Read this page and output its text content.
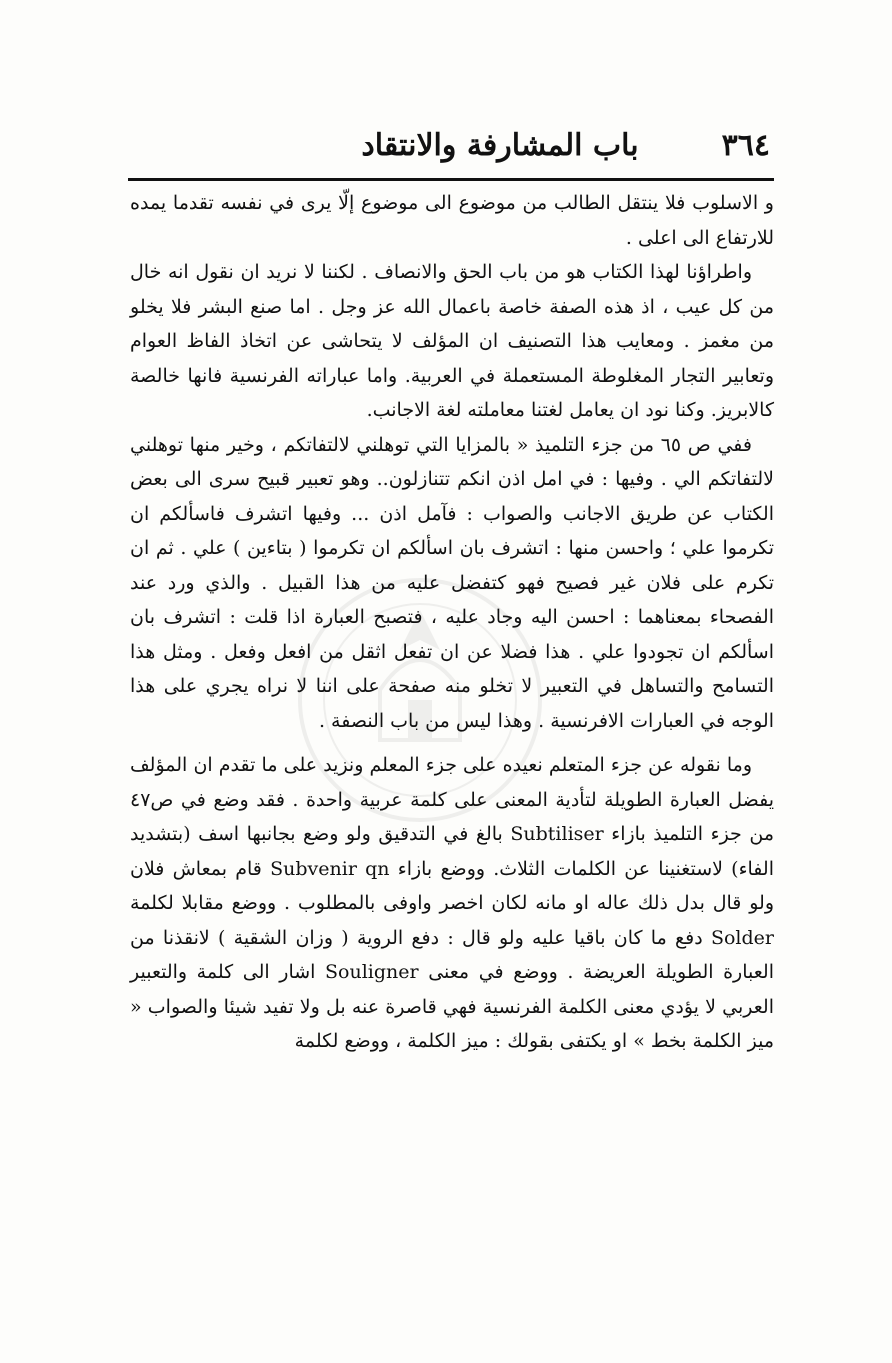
٣٦٤
باب المشارفة والانتقاد

و الاسلوب فلا ينتقل الطالب من موضوع الى موضوع إلّا يرى في نفسه تقدما يمده للارتفاع الى اعلى .

واطراؤنا لهذا الكتاب هو من باب الحق والانصاف . لكننا لا نريد ان نقول انه خال من كل عيب ، اذ هذه الصفة خاصة باعمال الله عز وجل . اما صنع البشر فلا يخلو من مغمز . ومعايب هذا التصنيف ان المؤلف لا يتحاشى عن اتخاذ الفاظ العوام وتعابير التجار المغلوطة المستعملة في العربية. واما عباراته الفرنسية فانها خالصة كالابريز. وكنا نود ان يعامل لغتنا معاملته لغة الاجانب.

ففي ص ٦٥ من جزء التلميذ « بالمزايا التي توهلني لالتفاتكم ، وخير منها توهلني لالتفاتكم الي . وفيها : في امل اذن انكم تتنازلون.. وهو تعبير قبيح سرى الى بعض الكتاب عن طريق الاجانب والصواب : فآمل اذن ... وفيها اتشرف فاسألكم ان تكرموا علي ؛ واحسن منها : اتشرف بان اسألكم ان تكرموا ( بتاءين ) علي . ثم ان تكرم على فلان غير فصيح فهو كتفضل عليه من هذا القبيل . والذي ورد عند الفصحاء بمعناهما : احسن اليه وجاد عليه ، فتصبح العبارة اذا قلت : اتشرف بان اسألكم ان تجودوا علي . هذا فضلا عن ان تفعل اثقل من افعل وفعل . ومثل هذا التسامح والتساهل في التعبير لا تخلو منه صفحة على اننا لا نراه يجري على هذا الوجه في العبارات الافرنسية . وهذا ليس من باب النصفة .

وما نقوله عن جزء المتعلم نعيده على جزء المعلم ونزيد على ما تقدم ان المؤلف يفضل العبارة الطويلة لتأدية المعنى على كلمة عربية واحدة . فقد وضع في ص٤٧ من جزء التلميذ بازاء Subtiliser بالغ في التدقيق ولو وضع بجانبها اسف (بتشديد الفاء) لاستغنينا عن الكلمات الثلاث. ووضع بازاء Subvenir qn قام بمعاش فلان ولو قال بدل ذلك عاله او مانه لكان اخصر واوفى بالمطلوب . ووضع مقابلا لكلمة Solder دفع ما كان باقيا عليه ولو قال : دفع الروية ( وزان الشقية ) لانقذنا من العبارة الطويلة العريضة . ووضع في معنى Souligner اشار الى كلمة والتعبير العربي لا يؤدي معنى الكلمة الفرنسية فهي قاصرة عنه بل ولا تفيد شيئا والصواب « ميز الكلمة بخط » او يكتفى بقولك : ميز الكلمة ، ووضع لكلمة
